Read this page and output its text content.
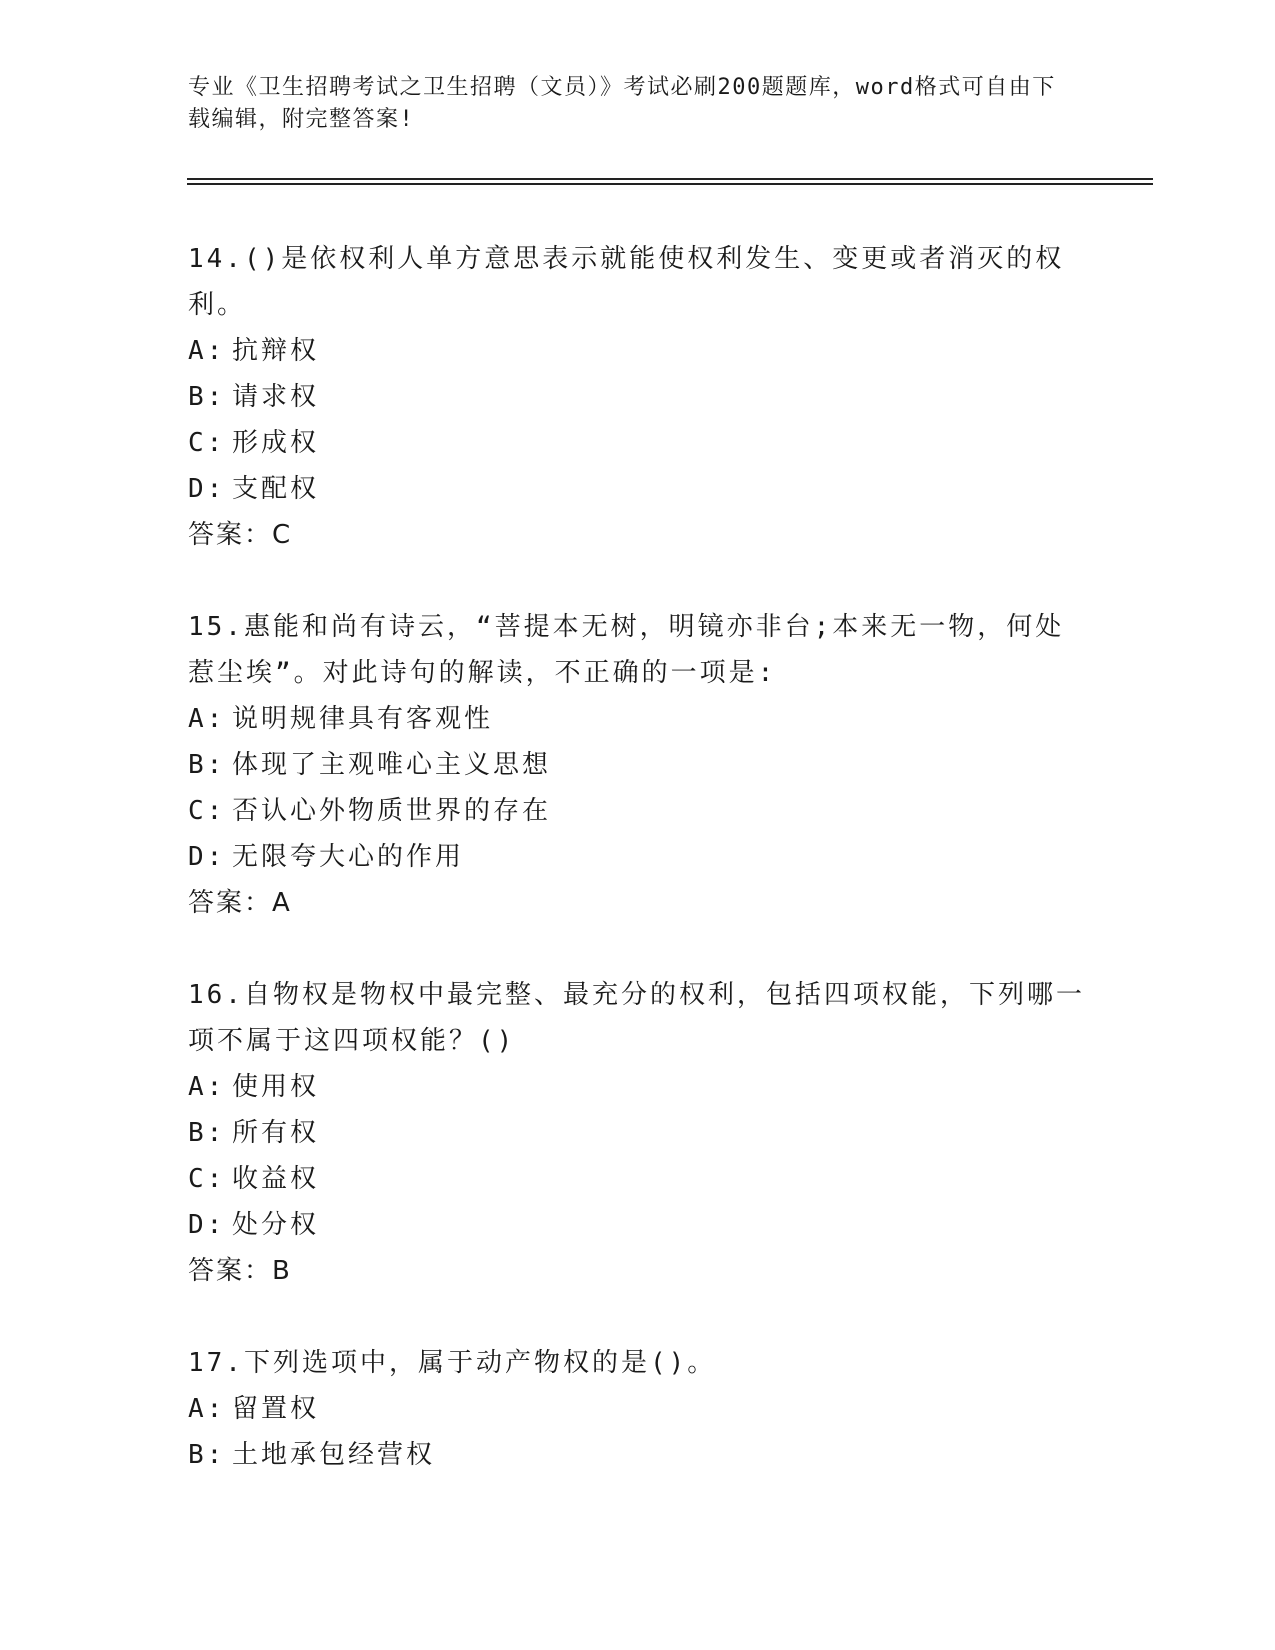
专业《卫生招聘考试之卫生招聘（文员）》考试必刷200题题库，word格式可自由下载编辑，附完整答案!

14.()是依权利人单方意思表示就能使权利发生、变更或者消灭的权利。

A: 抗辩权

B: 请求权

C: 形成权

D: 支配权

答案：C

15.惠能和尚有诗云，“菩提本无树，明镜亦非台;本来无一物，何处惹尘埃”。对此诗句的解读，不正确的一项是:

A: 说明规律具有客观性

B: 体现了主观唯心主义思想

C: 否认心外物质世界的存在

D: 无限夸大心的作用

答案：A

16.自物权是物权中最完整、最充分的权利，包括四项权能，下列哪一项不属于这四项权能？()

A: 使用权

B: 所有权

C: 收益权

D: 处分权

答案：B

17.下列选项中，属于动产物权的是()。

A: 留置权

B: 土地承包经营权
